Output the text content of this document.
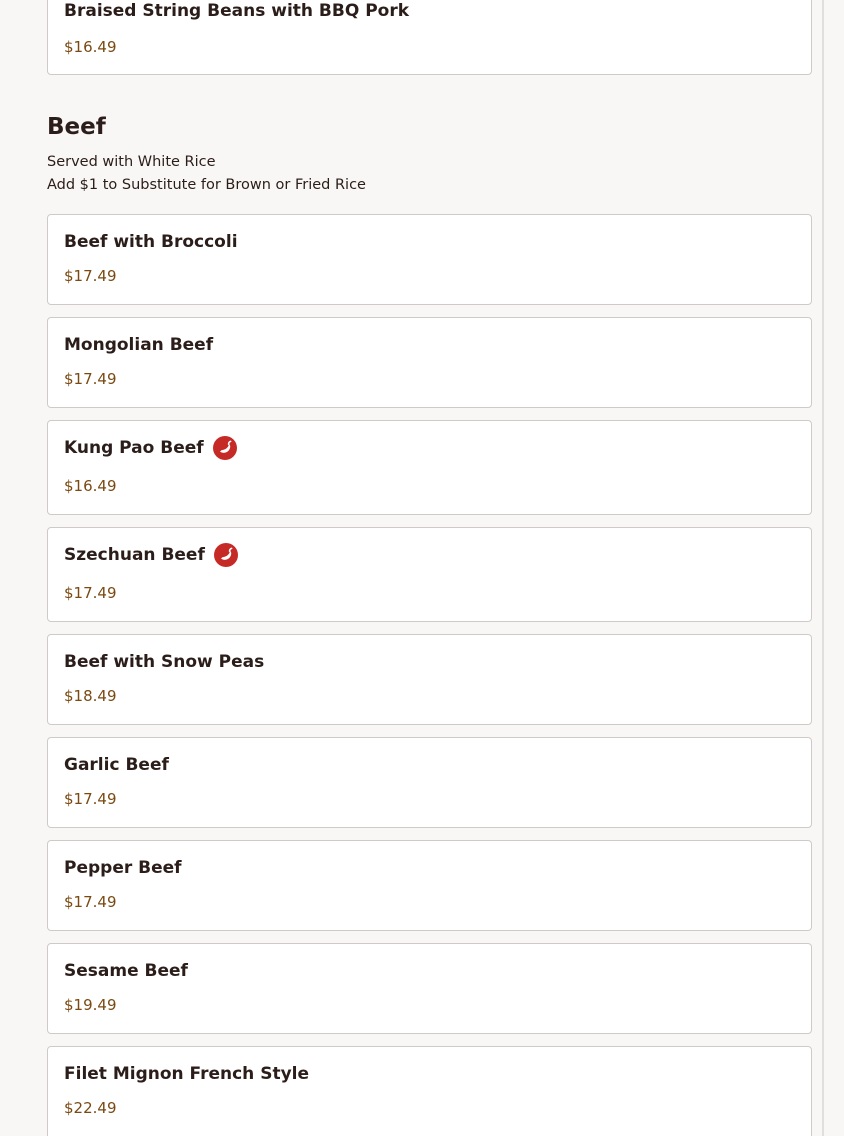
Braised String Beans with BBQ Pork
$16.49
Beef
Served with White Rice
Add $1 to Substitute for Brown or Fried Rice
Beef with Broccoli
$17.49
Mongolian Beef
$17.49
Kung Pao Beef
$16.49
Szechuan Beef
$17.49
Beef with Snow Peas
$18.49
Garlic Beef
$17.49
Pepper Beef
$17.49
Sesame Beef
$19.49
Filet Mignon French Style
$22.49
